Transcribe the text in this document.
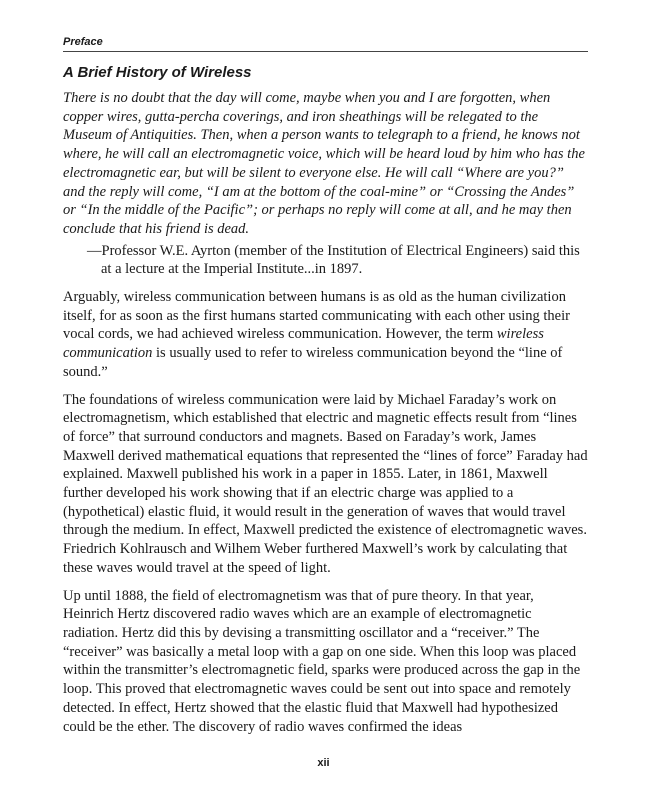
Preface
A Brief History of Wireless

There is no doubt that the day will come, maybe when you and I are forgotten, when copper wires, gutta-percha coverings, and iron sheathings will be relegated to the Museum of Antiquities. Then, when a person wants to telegraph to a friend, he knows not where, he will call an electromagnetic voice, which will be heard loud by him who has the electromagnetic ear, but will be silent to everyone else. He will call “Where are you?” and the reply will come, “I am at the bottom of the coal-mine” or “Crossing the Andes” or “In the middle of the Pacific”; or perhaps no reply will come at all, and he may then conclude that his friend is dead.

—Professor W.E. Ayrton (member of the Institution of Electrical Engineers) said this at a lecture at the Imperial Institute...in 1897.

Arguably, wireless communication between humans is as old as the human civilization itself, for as soon as the first humans started communicating with each other using their vocal cords, we had achieved wireless communication. However, the term wireless communication is usually used to refer to wireless communication beyond the “line of sound.”

The foundations of wireless communication were laid by Michael Faraday’s work on electromagnetism, which established that electric and magnetic effects result from “lines of force” that surround conductors and magnets. Based on Faraday’s work, James Maxwell derived mathematical equations that represented the “lines of force” Faraday had explained. Maxwell published his work in a paper in 1855. Later, in 1861, Maxwell further developed his work showing that if an electric charge was applied to a (hypothetical) elastic fluid, it would result in the generation of waves that would travel through the medium. In effect, Maxwell predicted the existence of electromagnetic waves. Friedrich Kohlrausch and Wilhem Weber furthered Maxwell’s work by calculating that these waves would travel at the speed of light.

Up until 1888, the field of electromagnetism was that of pure theory. In that year, Heinrich Hertz discovered radio waves which are an example of electromagnetic radiation. Hertz did this by devising a transmitting oscillator and a “receiver.” The “receiver” was basically a metal loop with a gap on one side. When this loop was placed within the transmitter’s electromagnetic field, sparks were produced across the gap in the loop. This proved that electromagnetic waves could be sent out into space and remotely detected. In effect, Hertz showed that the elastic fluid that Maxwell had hypothesized could be the ether. The discovery of radio waves confirmed the ideas

xii
